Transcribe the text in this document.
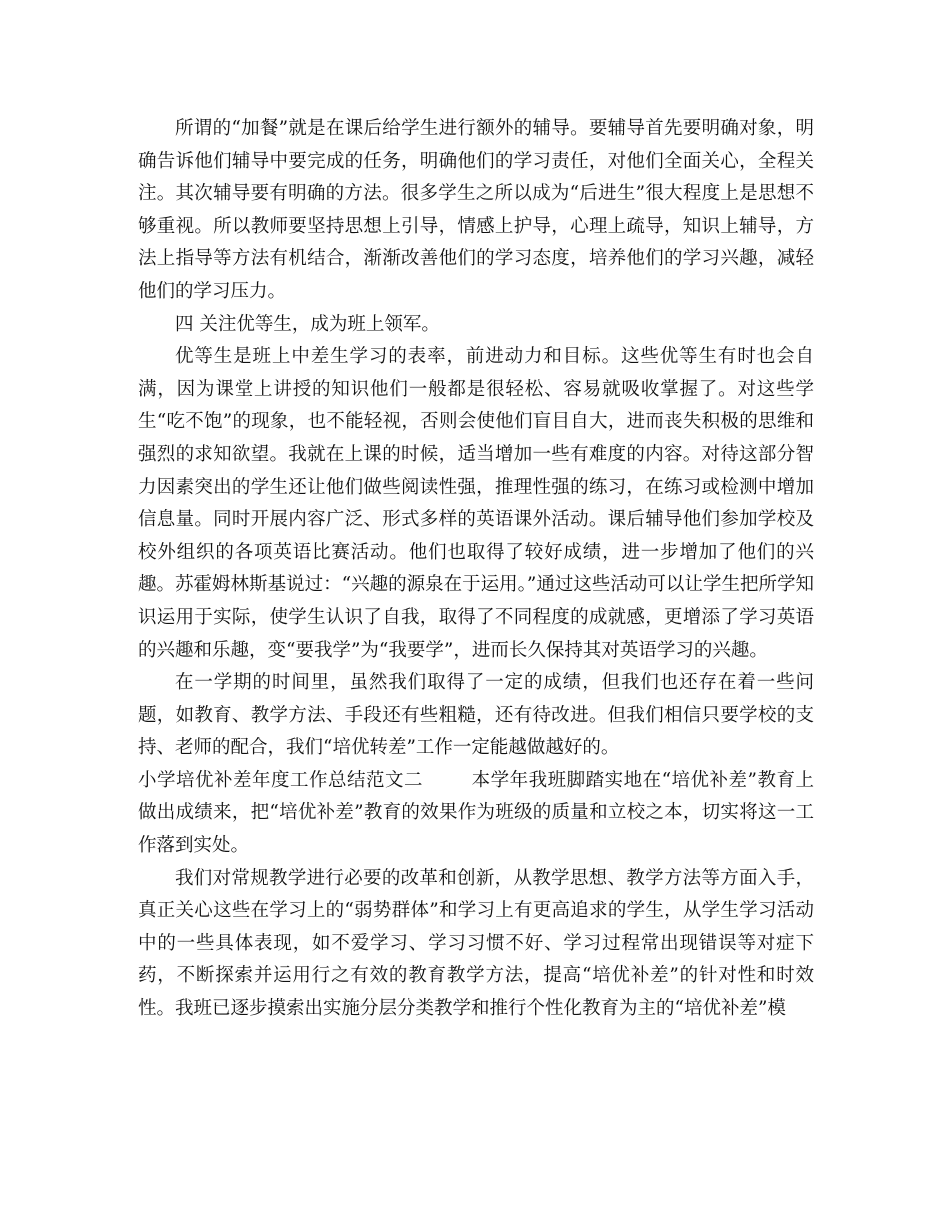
所谓的“加餐”就是在课后给学生进行额外的辅导。要辅导首先要明确对象，明确告诉他们辅导中要完成的任务，明确他们的学习责任，对他们全面关心，全程关注。其次辅导要有明确的方法。很多学生之所以成为“后进生”很大程度上是思想不够重视。所以教师要坚持思想上引导，情感上护导，心理上疏导，知识上辅导，方法上指导等方法有机结合，渐渐改善他们的学习态度，培养他们的学习兴趣，减轻他们的学习压力。

四 关注优等生，成为班上领军。

优等生是班上中差生学习的表率，前进动力和目标。这些优等生有时也会自满，因为课堂上讲授的知识他们一般都是很轻松、容易就吸收掌握了。对这些学生“吃不饱”的现象，也不能轻视，否则会使他们盲目自大，进而丧失积极的思维和强烈的求知欲望。我就在上课的时候，适当增加一些有难度的内容。对待这部分智力因素突出的学生还让他们做些阅读性强，推理性强的练习，在练习或检测中增加信息量。同时开展内容广泛、形式多样的英语课外活动。课后辅导他们参加学校及校外组织的各项英语比赛活动。他们也取得了较好成绩，进一步增加了他们的兴趣。苏霍姆林斯基说过：“兴趣的源泉在于运用。”通过这些活动可以让学生把所学知识运用于实际，使学生认识了自我，取得了不同程度的成就感，更增添了学习英语的兴趣和乐趣，变“要我学”为“我要学”，进而长久保持其对英语学习的兴趣。

在一学期的时间里，虽然我们取得了一定的成绩，但我们也还存在着一些问题，如教育、教学方法、手段还有些粗糙，还有待改进。但我们相信只要学校的支持、老师的配合，我们“培优转差”工作一定能越做越好的。

小学培优补差年度工作总结范文二	本学年我班脚踏实地在“培优补差”教育上做出成绩来，把“培优补差”教育的效果作为班级的质量和立校之本，切实将这一工作落到实处。

我们对常规教学进行必要的改革和创新，从教学思想、教学方法等方面入手，真正关心这些在学习上的“弱势群体”和学习上有更高追求的学生，从学生学习活动中的一些具体表现，如不爱学习、学习习惯不好、学习过程常出现错误等对症下药，不断探索并运用行之有效的教育教学方法，提高“培优补差”的针对性和时效性。我班已逐步摸索出实施分层分类教学和推行个性化教育为主的“培优补差”模
